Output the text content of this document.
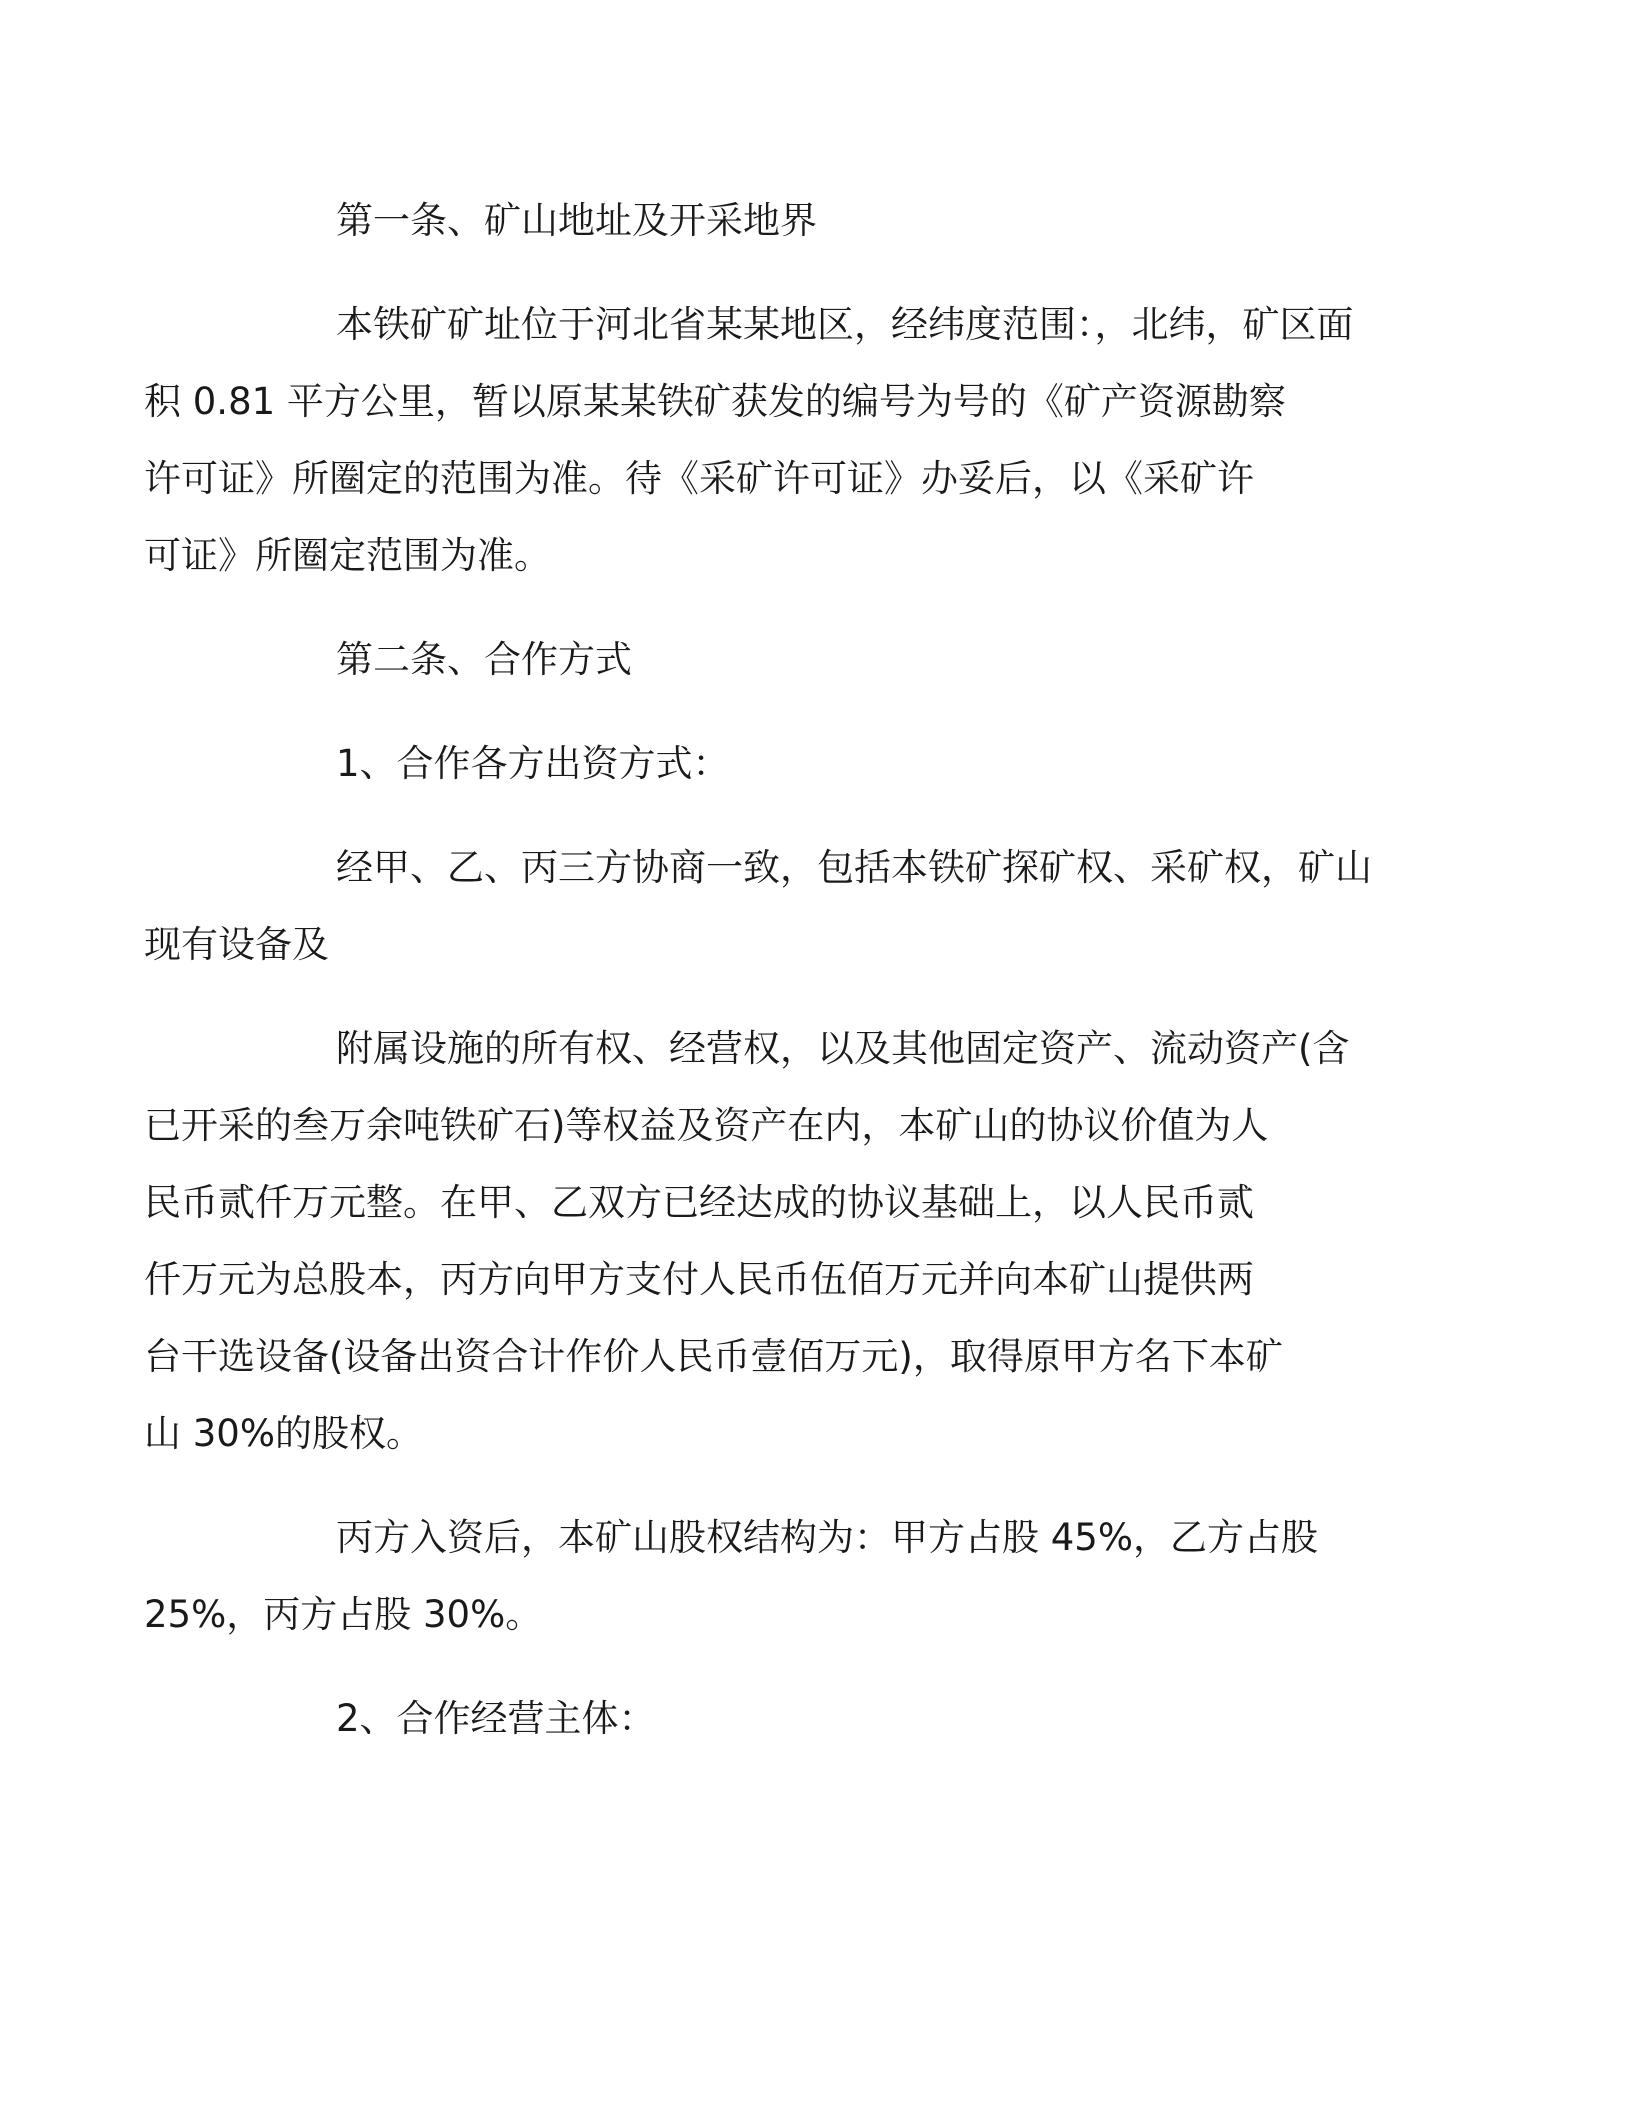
第一条、矿山地址及开采地界
本铁矿矿址位于河北省某某地区，经纬度范围：，北纬，矿区面
积 0.81 平方公里，暂以原某某铁矿获发的编号为号的《矿产资源勘察
许可证》所圈定的范围为准。待《采矿许可证》办妥后，以《采矿许
可证》所圈定范围为准。
第二条、合作方式
1、合作各方出资方式：
经甲、乙、丙三方协商一致，包括本铁矿探矿权、采矿权，矿山
现有设备及
附属设施的所有权、经营权，以及其他固定资产、流动资产(含
已开采的叁万余吨铁矿石)等权益及资产在内，本矿山的协议价值为人
民币贰仟万元整。在甲、乙双方已经达成的协议基础上，以人民币贰
仟万元为总股本，丙方向甲方支付人民币伍佰万元并向本矿山提供两
台干选设备(设备出资合计作价人民币壹佰万元)，取得原甲方名下本矿
山 30%的股权。
丙方入资后，本矿山股权结构为：甲方占股 45%，乙方占股
25%，丙方占股 30%。
2、合作经营主体：
